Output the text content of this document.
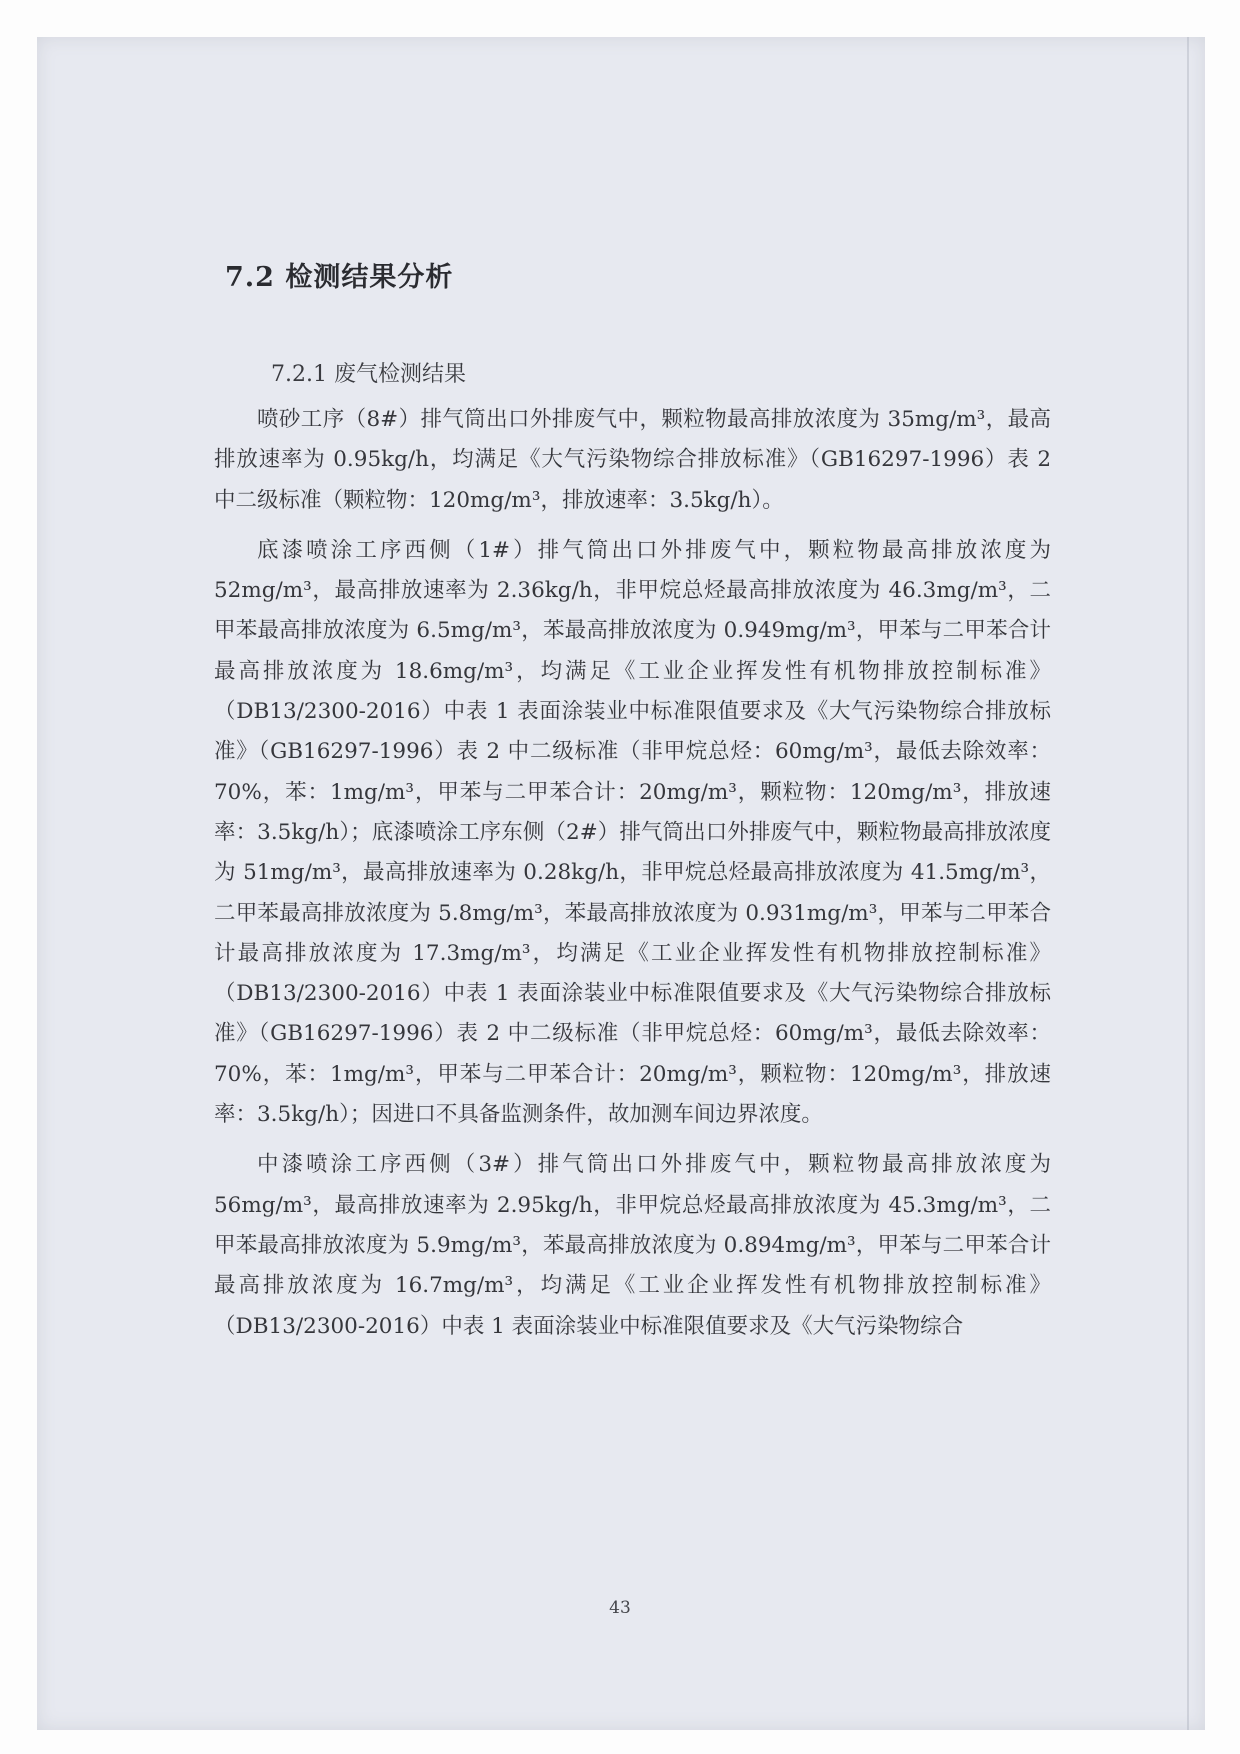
7.2 检测结果分析
7.2.1 废气检测结果

喷砂工序（8#）排气筒出口外排废气中，颗粒物最高排放浓度为 35mg/m³，最高排放速率为 0.95kg/h，均满足《大气污染物综合排放标准》（GB16297-1996）表 2 中二级标准（颗粒物：120mg/m³，排放速率：3.5kg/h）。

底漆喷涂工序西侧（1#）排气筒出口外排废气中，颗粒物最高排放浓度为 52mg/m³，最高排放速率为 2.36kg/h，非甲烷总烃最高排放浓度为 46.3mg/m³，二甲苯最高排放浓度为 6.5mg/m³，苯最高排放浓度为 0.949mg/m³，甲苯与二甲苯合计最高排放浓度为 18.6mg/m³，均满足《工业企业挥发性有机物排放控制标准》（DB13/2300-2016）中表 1 表面涂装业中标准限值要求及《大气污染物综合排放标准》（GB16297-1996）表 2 中二级标准（非甲烷总烃：60mg/m³，最低去除效率：70%，苯：1mg/m³，甲苯与二甲苯合计：20mg/m³，颗粒物：120mg/m³，排放速率：3.5kg/h）；底漆喷涂工序东侧（2#）排气筒出口外排废气中，颗粒物最高排放浓度为 51mg/m³，最高排放速率为 0.28kg/h，非甲烷总烃最高排放浓度为 41.5mg/m³，二甲苯最高排放浓度为 5.8mg/m³，苯最高排放浓度为 0.931mg/m³，甲苯与二甲苯合计最高排放浓度为 17.3mg/m³，均满足《工业企业挥发性有机物排放控制标准》（DB13/2300-2016）中表 1 表面涂装业中标准限值要求及《大气污染物综合排放标准》（GB16297-1996）表 2 中二级标准（非甲烷总烃：60mg/m³，最低去除效率：70%，苯：1mg/m³，甲苯与二甲苯合计：20mg/m³，颗粒物：120mg/m³，排放速率：3.5kg/h）；因进口不具备监测条件，故加测车间边界浓度。

中漆喷涂工序西侧（3#）排气筒出口外排废气中，颗粒物最高排放浓度为 56mg/m³，最高排放速率为 2.95kg/h，非甲烷总烃最高排放浓度为 45.3mg/m³，二甲苯最高排放浓度为 5.9mg/m³，苯最高排放浓度为 0.894mg/m³，甲苯与二甲苯合计最高排放浓度为 16.7mg/m³，均满足《工业企业挥发性有机物排放控制标准》（DB13/2300-2016）中表 1 表面涂装业中标准限值要求及《大气污染物综合

43
